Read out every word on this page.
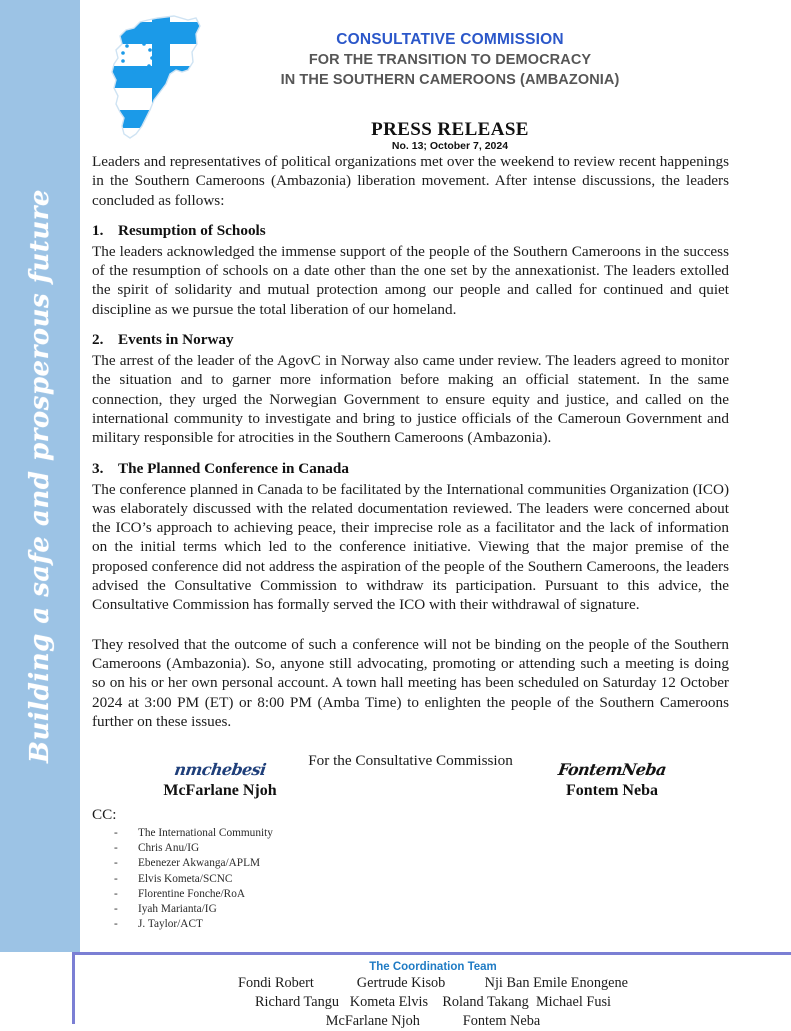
Building a safe and prosperous future
CONSULTATIVE COMMISSION
FOR THE TRANSITION TO DEMOCRACY
IN THE SOUTHERN CAMEROONS (AMBAZONIA)
PRESS RELEASE
No. 13; October 7, 2024

Leaders and representatives of political organizations met over the weekend to review recent happenings in the Southern Cameroons (Ambazonia) liberation movement. After intense discussions, the leaders concluded as follows:

1. Resumption of Schools

The leaders acknowledged the immense support of the people of the Southern Cameroons in the success of the resumption of schools on a date other than the one set by the annexationist. The leaders extolled the spirit of solidarity and mutual protection among our people and called for continued and quiet discipline as we pursue the total liberation of our homeland.

2. Events in Norway

The arrest of the leader of the AgovC in Norway also came under review. The leaders agreed to monitor the situation and to garner more information before making an official statement. In the same connection, they urged the Norwegian Government to ensure equity and justice, and called on the international community to investigate and bring to justice officials of the Cameroun Government and military responsible for atrocities in the Southern Cameroons (Ambazonia).

3. The Planned Conference in Canada

The conference planned in Canada to be facilitated by the International communities Organization (ICO) was elaborately discussed with the related documentation reviewed. The leaders were concerned about the ICO’s approach to achieving peace, their imprecise role as a facilitator and the lack of information on the initial terms which led to the conference initiative. Viewing that the major premise of the proposed conference did not address the aspiration of the people of the Southern Cameroons, the leaders advised the Consultative Commission to withdraw its participation. Pursuant to this advice, the Consultative Commission has formally served the ICO with their withdrawal of signature.

They resolved that the outcome of such a conference will not be binding on the people of the Southern Cameroons (Ambazonia). So, anyone still advocating, promoting or attending such a meeting is doing so on his or her own personal account. A town hall meeting has been scheduled on Saturday 12 October 2024 at 3:00 PM (ET) or 8:00 PM (Amba Time) to enlighten the people of the Southern Cameroons further on these issues.

For the Consultative Commission

nmchebesi
McFarlane Njoh
FontemNeba
Fontem Neba
CC:
- The International Community
- Chris Anu/IG
- Ebenezer Akwanga/APLM
- Elvis Kometa/SCNC
- Florentine Fonche/RoA
- Iyah Marianta/IG
- J. Taylor/ACT
The Coordination Team
Fondi Robert            Gertrude Kisob           Nji Ban Emile Enongene
Richard Tangu   Kometa Elvis    Roland Takang  Michael Fusi
McFarlane Njoh            Fontem Neba
